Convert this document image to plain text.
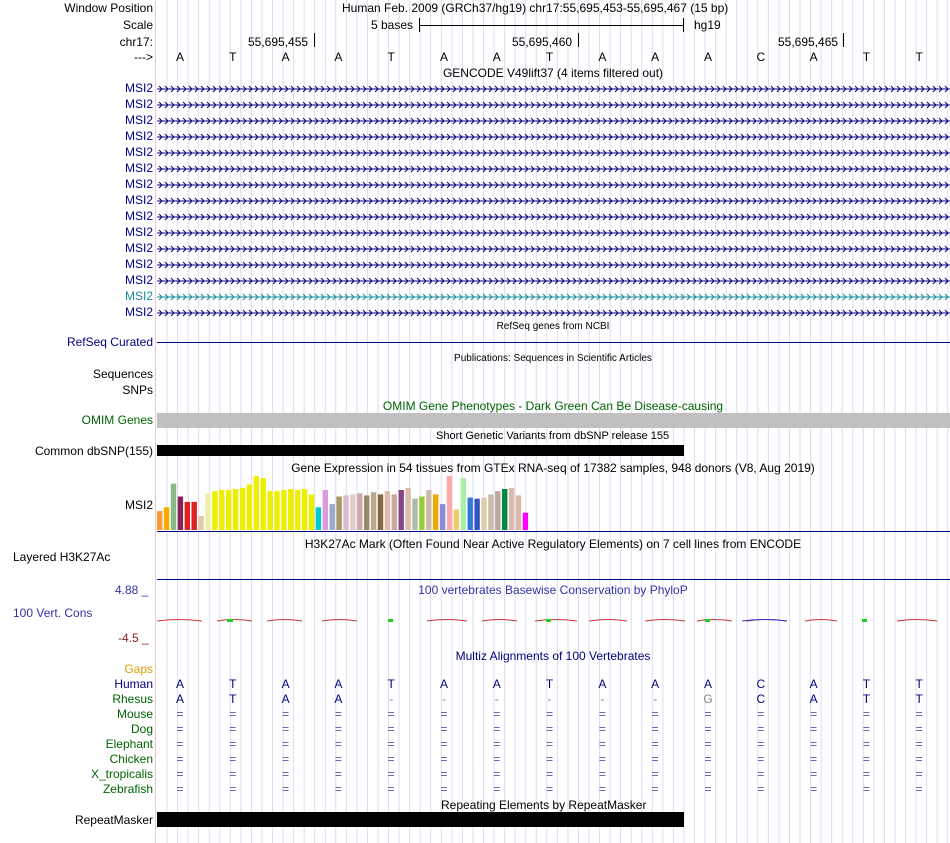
Window Position	Human Feb. 2009 (GRCh37/hg19) chr17:55,695,453-55,695,467 (15 bp)
Scale	5 bases	hg19
chr17:	55,695,455	55,695,460	55,695,465
--->	A	T	A	A	T	A	A	T	A	A	A	C	A	T	T
GENCODE V49lift37 (4 items filtered out)
MSI2
MSI2
MSI2
MSI2
MSI2
MSI2
MSI2
MSI2
MSI2
MSI2
MSI2
MSI2
MSI2
MSI2
MSI2
RefSeq genes from NCBI
RefSeq Curated
Publications: Sequences in Scientific Articles
Sequences
SNPs
OMIM Gene Phenotypes - Dark Green Can Be Disease-causing
OMIM Genes
Short Genetic Variants from dbSNP release 155
Common dbSNP(155)
Gene Expression in 54 tissues from GTEx RNA-seq of 17382 samples, 948 donors (V8, Aug 2019)
MSI2
H3K27Ac Mark (Often Found Near Active Regulatory Elements) on 7 cell lines from ENCODE
Layered H3K27Ac
4.88 _	100 vertebrates Basewise Conservation by PhyloP
100 Vert. Cons
-4.5 _
Multiz Alignments of 100 Vertebrates
Gaps
Human	A	T	A	A	T	A	A	T	A	A	A	C	A	T	T
Rhesus	A	T	A	A	-	-	-	-	-	-	G	C	A	T	T
Mouse	=	=	=	=	=	=	=	=	=	=	=	=	=	=	=
Dog	=	=	=	=	=	=	=	=	=	=	=	=	=	=	=
Elephant	=	=	=	=	=	=	=	=	=	=	=	=	=	=	=
Chicken	=	=	=	=	=	=	=	=	=	=	=	=	=	=	=
X_tropicalis	=	=	=	=	=	=	=	=	=	=	=	=	=	=	=
Zebrafish	=	=	=	=	=	=	=	=	=	=	=	=	=	=	=
Repeating Elements by RepeatMasker
RepeatMasker
